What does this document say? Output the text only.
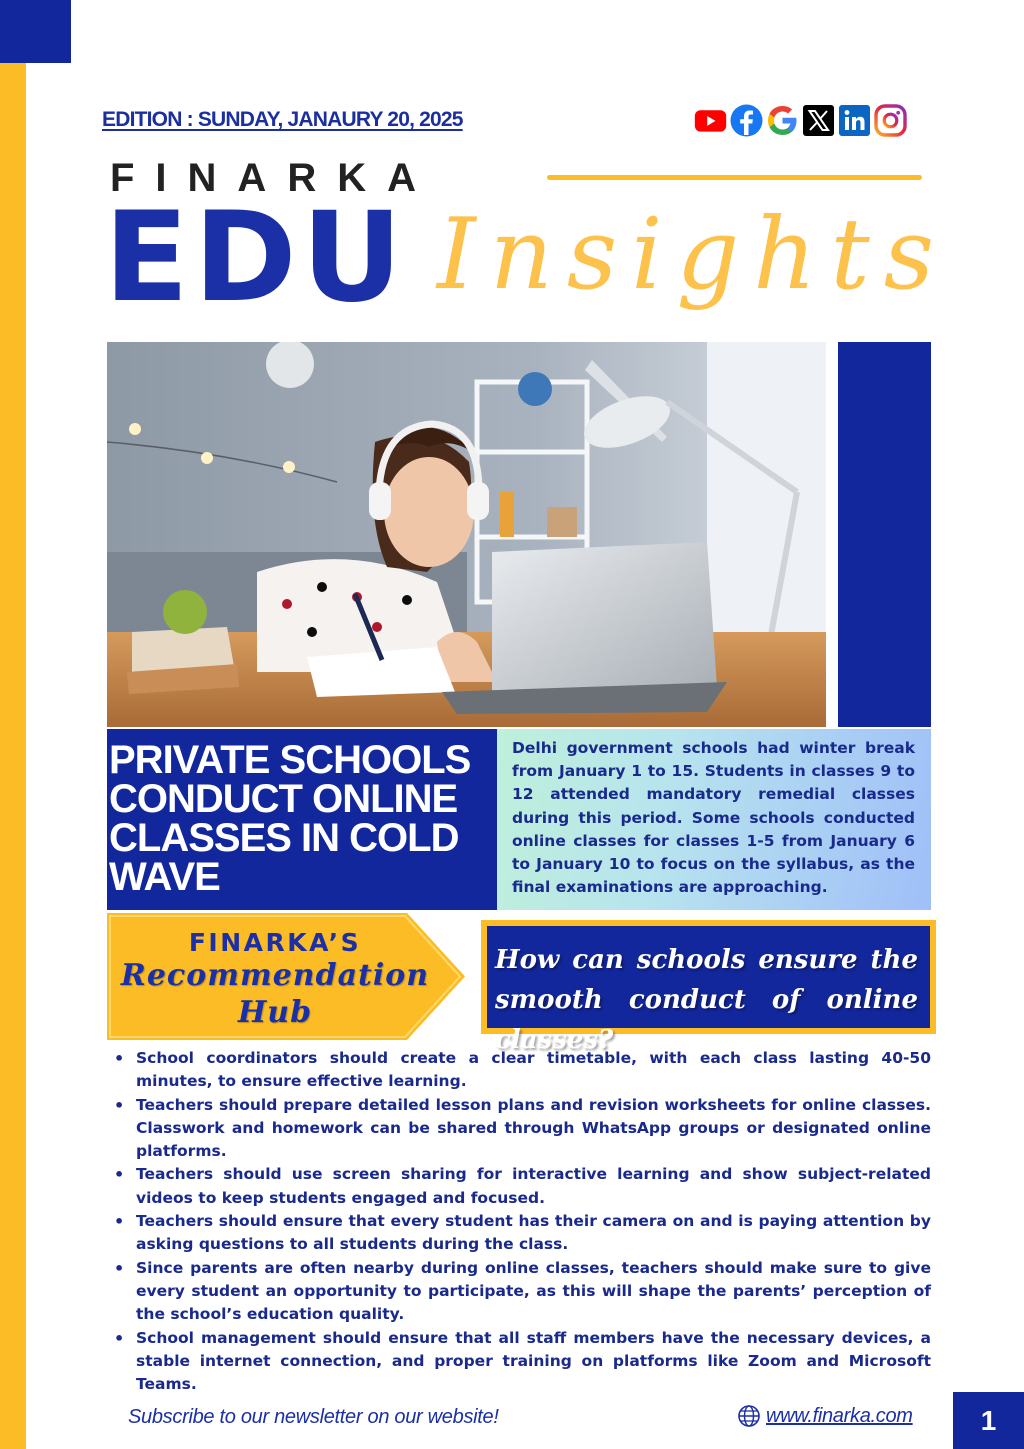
EDITION : SUNDAY, JANAURY 20, 2025
FINARKA
EDU Insights
PRIVATE SCHOOLS CONDUCT ONLINE CLASSES IN COLD WAVE

Delhi government schools had winter break from January 1 to 15. Students in classes 9 to 12 attended mandatory remedial classes during this period. Some schools conducted online classes for classes 1-5 from January 6 to January 10 to focus on the syllabus, as the final examinations are approaching.

FINARKA’S
Recommendation
Hub

How can schools ensure the smooth conduct of online classes?

• School coordinators should create a clear timetable, with each class lasting 40-50 minutes, to ensure effective learning.
• Teachers should prepare detailed lesson plans and revision worksheets for online classes. Classwork and homework can be shared through WhatsApp groups or designated online platforms.
• Teachers should use screen sharing for interactive learning and show subject-related videos to keep students engaged and focused.
• Teachers should ensure that every student has their camera on and is paying attention by asking questions to all students during the class.
• Since parents are often nearby during online classes, teachers should make sure to give every student an opportunity to participate, as this will shape the parents’ perception of the school’s education quality.
• School management should ensure that all staff members have the necessary devices, a stable internet connection, and proper training on platforms like Zoom and Microsoft Teams.
Subscribe to our newsletter on our website!	www.finarka.com 1
